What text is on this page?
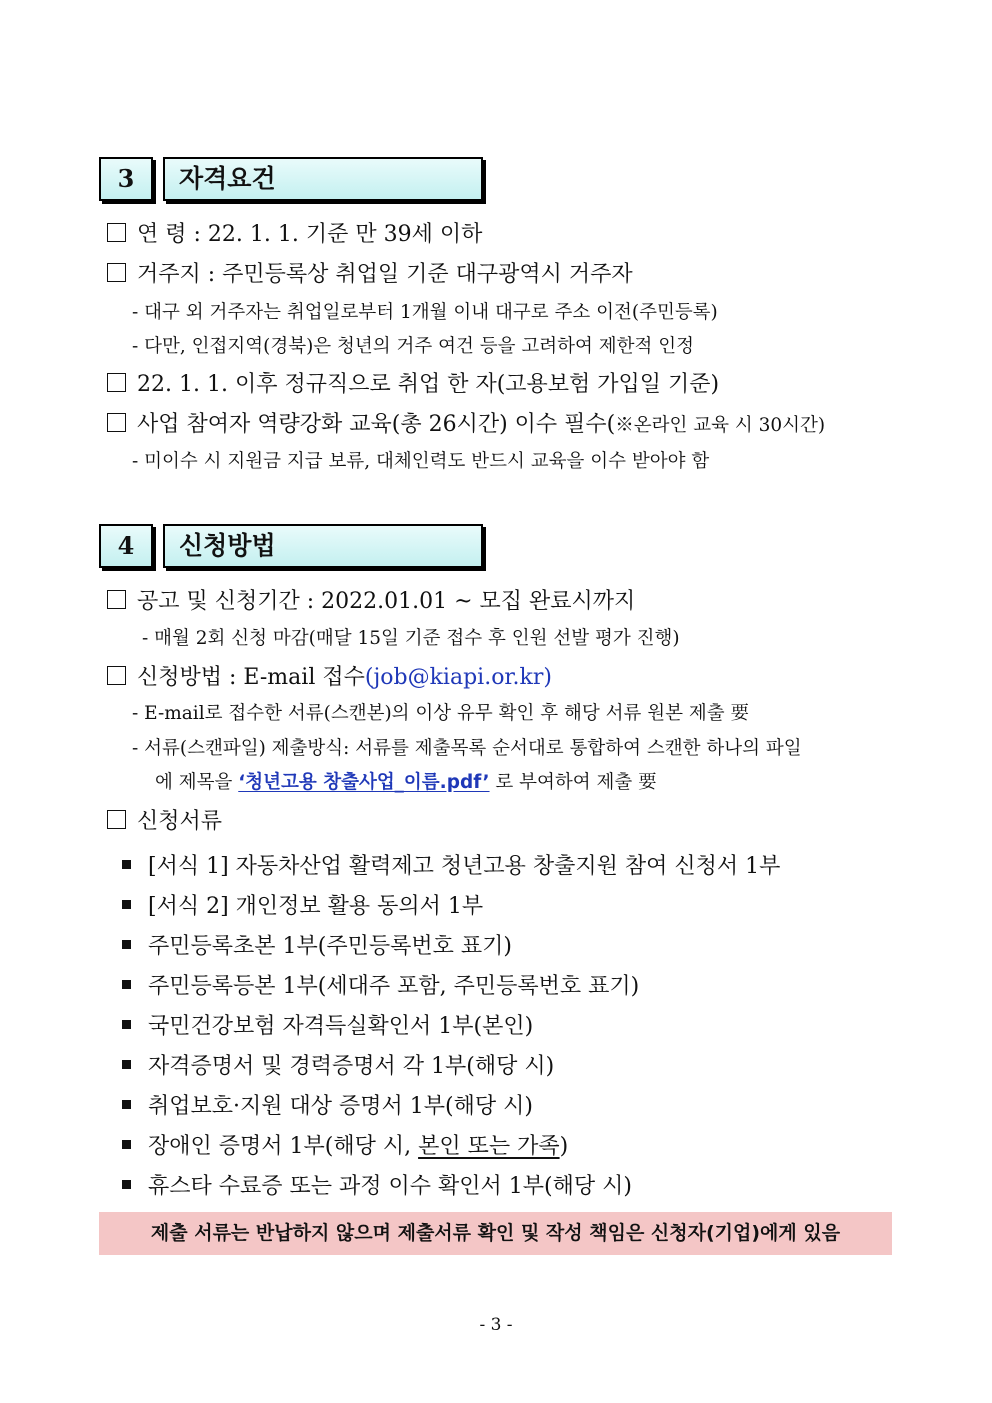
3	자격요건
연 령 : 22. 1. 1. 기준 만 39세 이하
거주지 : 주민등록상 취업일 기준 대구광역시 거주자
- 대구 외 거주자는 취업일로부터 1개월 이내 대구로 주소 이전(주민등록)
- 다만, 인접지역(경북)은 청년의 거주 여건 등을 고려하여 제한적 인정
22. 1. 1. 이후 정규직으로 취업 한 자(고용보험 가입일 기준)
사업 참여자 역량강화 교육(총 26시간) 이수 필수(※온라인 교육 시 30시간)
- 미이수 시 지원금 지급 보류, 대체인력도 반드시 교육을 이수 받아야 함
4	신청방법
공고 및 신청기간 : 2022.01.01 ~ 모집 완료시까지
- 매월 2회 신청 마감(매달 15일 기준 접수 후 인원 선발 평가 진행)
신청방법 : E-mail 접수(job@kiapi.or.kr)
- E-mail로 접수한 서류(스캔본)의 이상 유무 확인 후 해당 서류 원본 제출 要
- 서류(스캔파일) 제출방식: 서류를 제출목록 순서대로 통합하여 스캔한 하나의 파일
에 제목을 ‘청년고용 창출사업_이름.pdf’ 로 부여하여 제출 要
신청서류
[서식 1] 자동차산업 활력제고 청년고용 창출지원 참여 신청서 1부
[서식 2] 개인정보 활용 동의서 1부
주민등록초본 1부(주민등록번호 표기)
주민등록등본 1부(세대주 포함, 주민등록번호 표기)
국민건강보험 자격득실확인서 1부(본인)
자격증명서 및 경력증명서 각 1부(해당 시)
취업보호·지원 대상 증명서 1부(해당 시)
장애인 증명서 1부(해당 시, 본인 또는 가족)
휴스타 수료증 또는 과정 이수 확인서 1부(해당 시)
제출 서류는 반납하지 않으며 제출서류 확인 및 작성 책임은 신청자(기업)에게 있음
- 3 -
